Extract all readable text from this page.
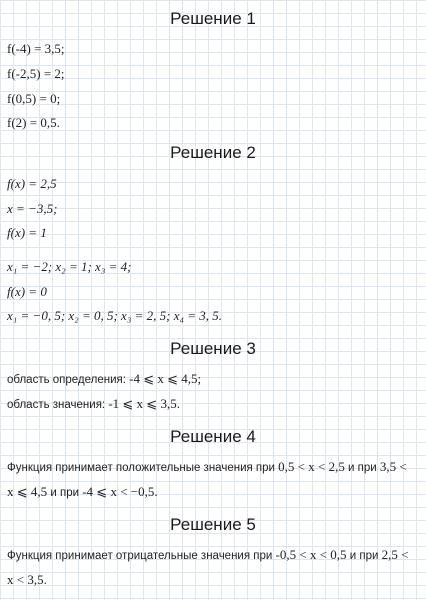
Решение 1
f(-4) = 3,5;
f(-2,5) = 2;
f(0,5) = 0;
f(2) = 0,5.
Решение 2
f(x) = 2,5
x = −3,5;
f(x) = 1
x₁ = −2; x₂ = 1; x₃ = 4;
f(x) = 0
x₁ = −0, 5; x₂ = 0, 5; x₃ = 2, 5; x₄ = 3, 5.
Решение 3
область определения: -4 ⩽ x ⩽ 4,5;
область значения: -1 ⩽ x ⩽ 3,5.
Решение 4
Функция принимает положительные значения при 0,5 < x < 2,5 и при 3,5 <
x ⩽ 4,5 и при -4 ⩽ x < −0,5.
Решение 5
Функция принимает отрицательные значения при -0,5 < x < 0,5 и при 2,5 <
x < 3,5.
